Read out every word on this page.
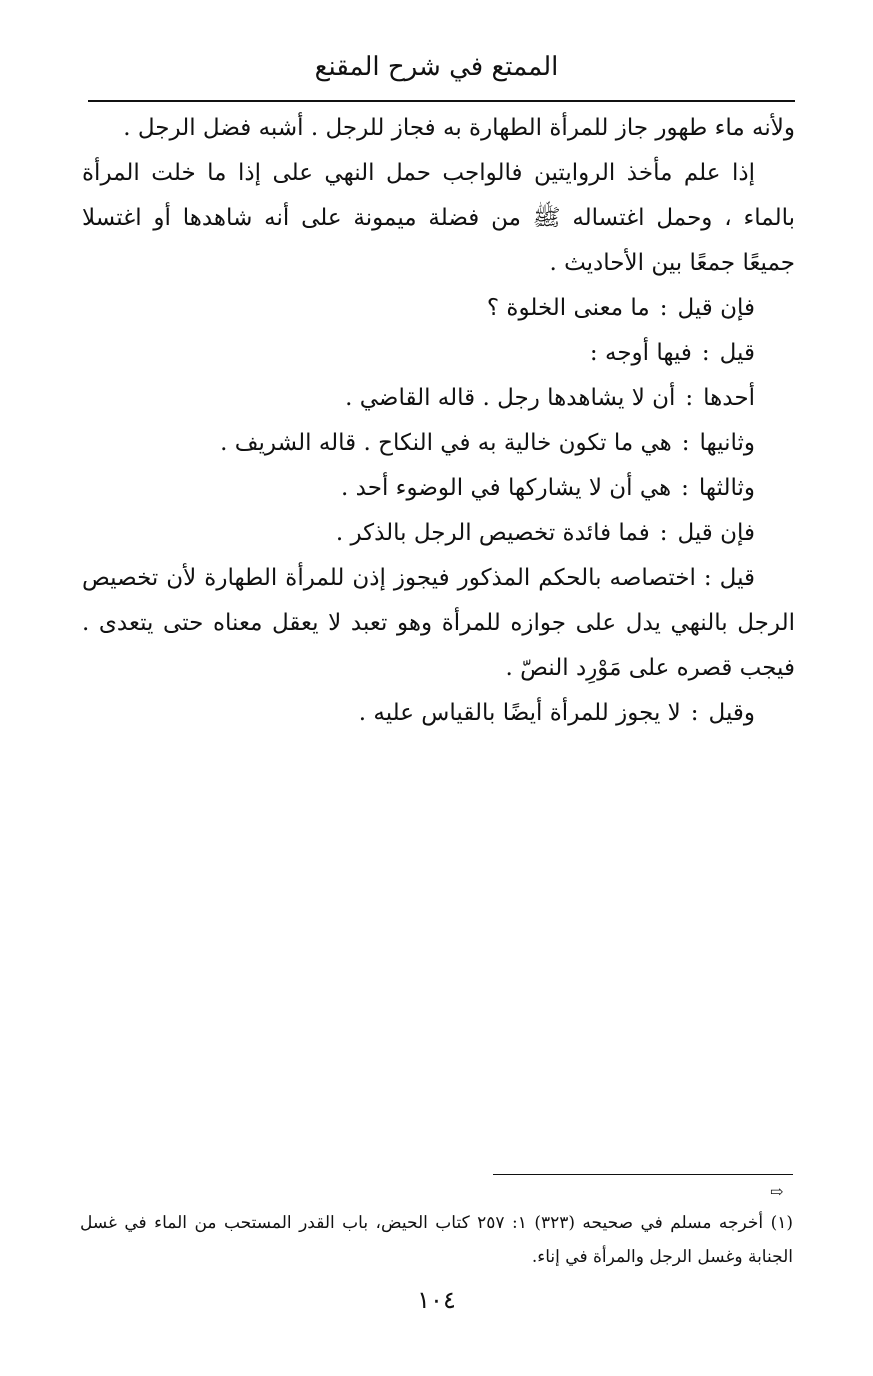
الممتع في شرح المقنع

ولأنه ماء طهور جاز للمرأة الطهارة به فجاز للرجل . أشبه فضل الرجل .

إذا علم مأخذ الروايتين فالواجب حمل النهي على إذا ما خلت المرأة بالماء ، وحمل اغتساله ﷺ من فضلة ميمونة على أنه شاهدها أو اغتسلا جميعًا جمعًا بين الأحاديث .

فإن قيل:ما معنى الخلوة ؟
قيل:فيها أوجه :
أحدها:أن لا يشاهدها رجل . قاله القاضي .
وثانيها:هي ما تكون خالية به في النكاح . قاله الشريف .
وثالثها:هي أن لا يشاركها في الوضوء أحد .
فإن قيل:فما فائدة تخصيص الرجل بالذكر .

قيل : اختصاصه بالحكم المذكور فيجوز إذن للمرأة الطهارة لأن تخصيص الرجل بالنهي يدل على جوازه للمرأة وهو تعبد لا يعقل معناه حتى يتعدى . فيجب قصره على مَوْرِد النصّ .

وقيل:لا يجوز للمرأة أيضًا بالقياس عليه .
⇨
(١) أخرجه مسلم في صحيحه (٣٢٣) ١: ٢٥٧ كتاب الحيض، باب القدر المستحب من الماء في غسل الجنابة وغسل الرجل والمرأة في إناء.
١٠٤
